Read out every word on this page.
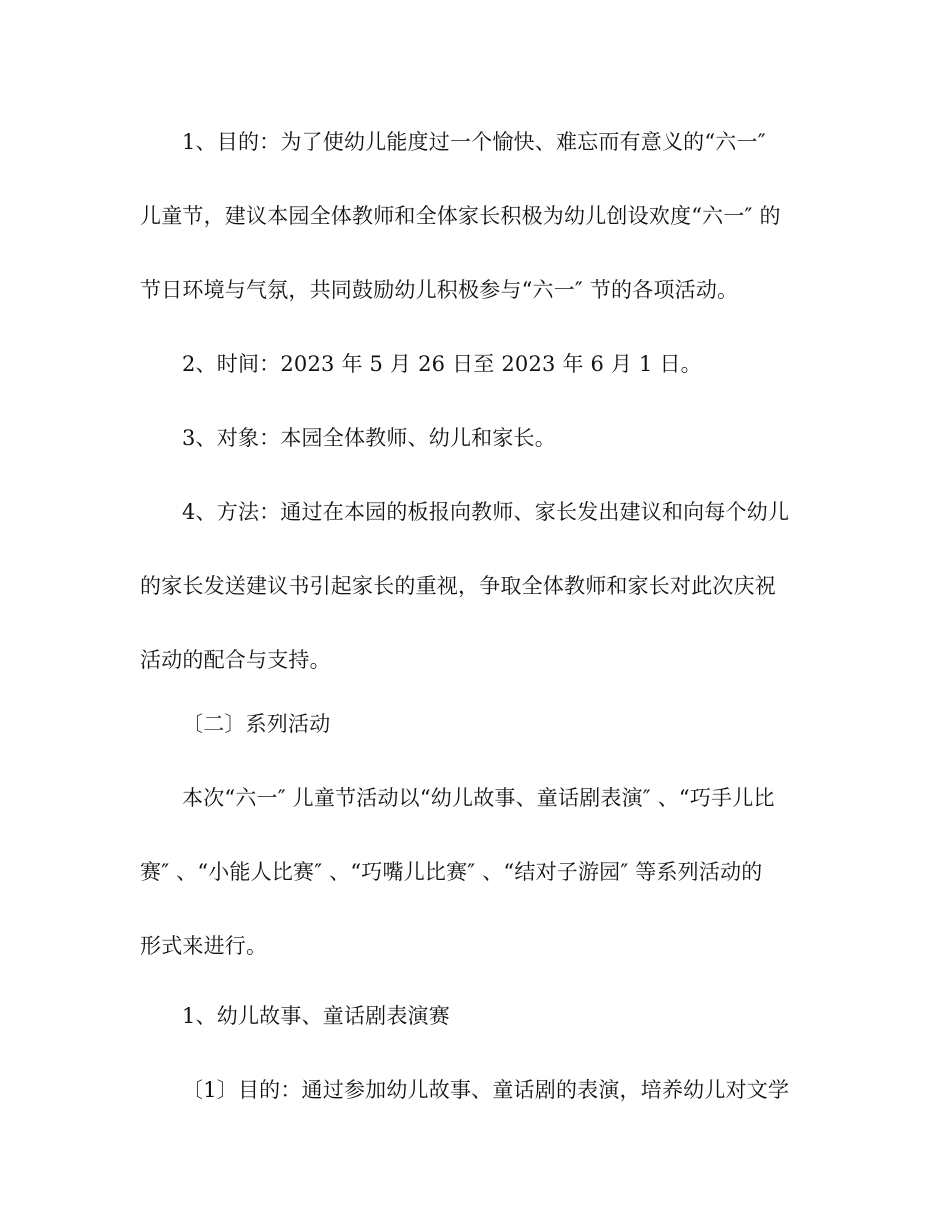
1、目的：为了使幼儿能度过一个愉快、难忘而有意义的“六一″
儿童节，建议本园全体教师和全体家长积极为幼儿创设欢度“六一″ 的
节日环境与气氛，共同鼓励幼儿积极参与“六一″ 节的各项活动。
2、时间：2023 年 5 月 26 日至 2023 年 6 月 1 日。
3、对象：本园全体教师、幼儿和家长。
4、方法：通过在本园的板报向教师、家长发出建议和向每个幼儿
的家长发送建议书引起家长的重视，争取全体教师和家长对此次庆祝
活动的配合与支持。
〔二〕系列活动
本次“六一″ 儿童节活动以“幼儿故事、童话剧表演″ 、“巧手儿比
赛″ 、“小能人比赛″ 、“巧嘴儿比赛″ 、“结对子游园″ 等系列活动的
形式来进行。
1、幼儿故事、童话剧表演赛
〔1〕目的：通过参加幼儿故事、童话剧的表演，培养幼儿对文学
